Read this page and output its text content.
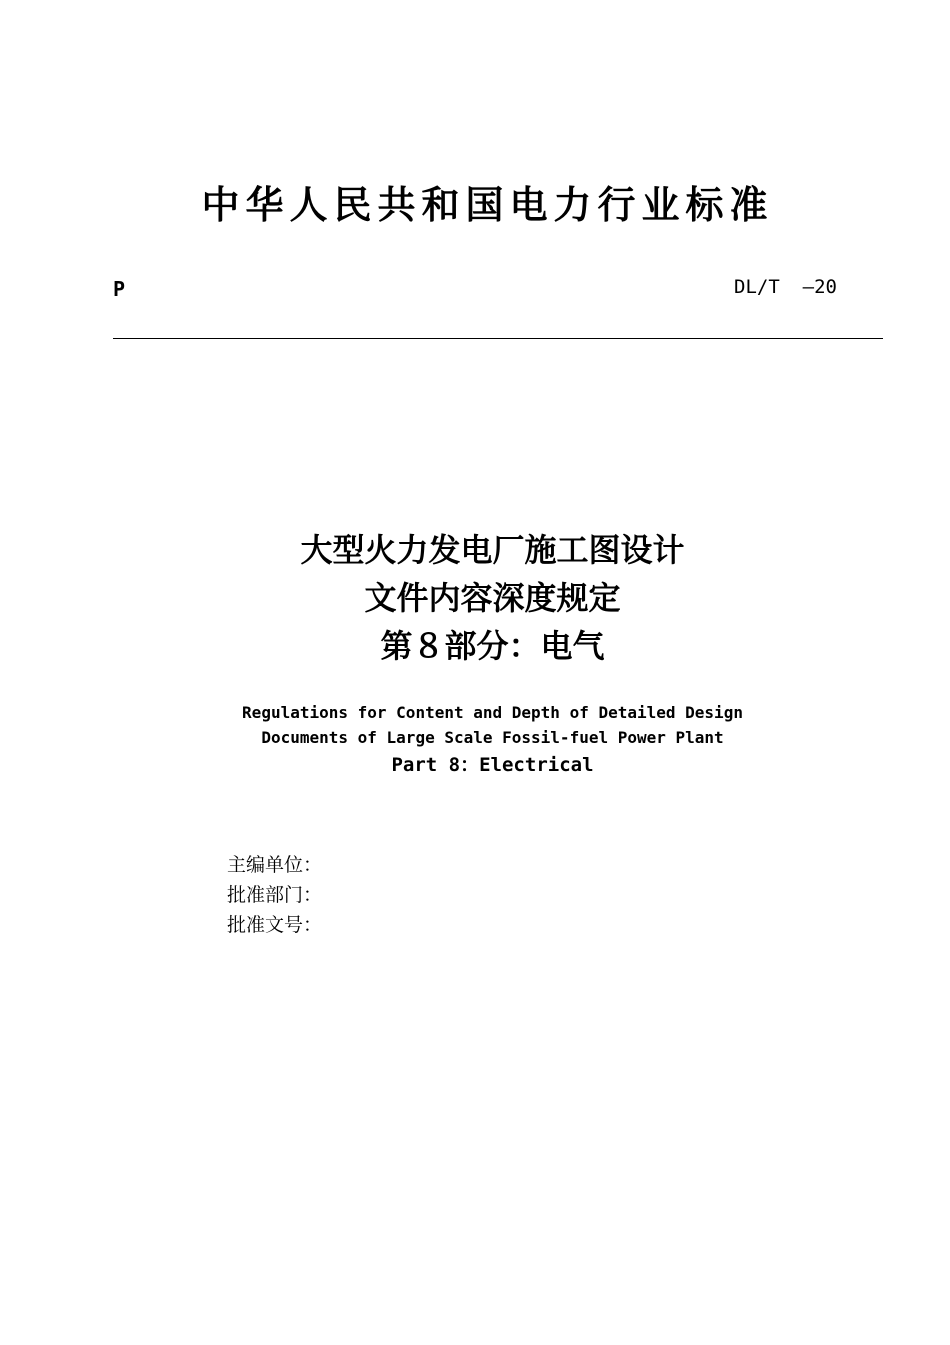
中华人民共和国电力行业标准
P	DL/T  —20
大型火力发电厂施工图设计
文件内容深度规定
第８部分：电气
Regulations for Content and Depth of Detailed Design
Documents of Large Scale Fossil-fuel Power Plant
Part 8：Electrical
主编单位：
批准部门：
批准文号：
